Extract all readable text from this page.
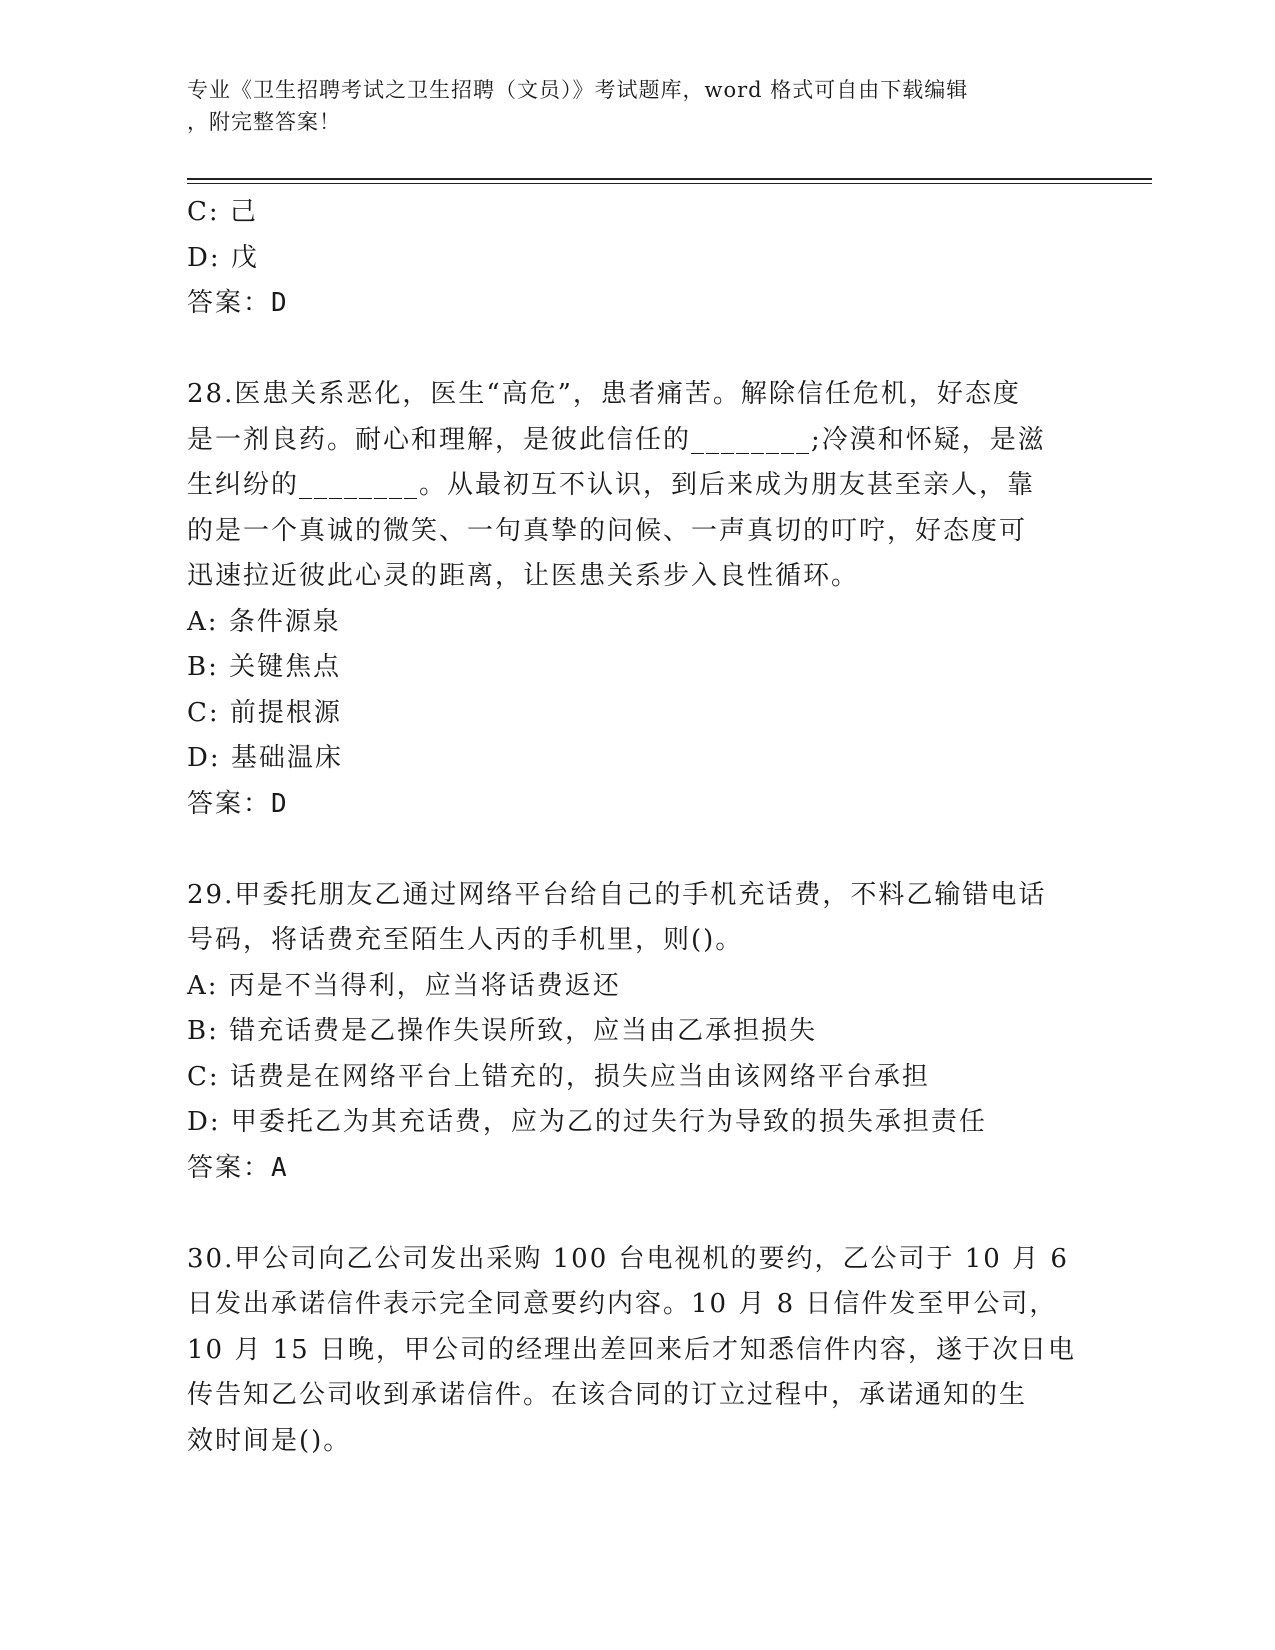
专业《卫生招聘考试之卫生招聘（文员）》考试题库，word 格式可自由下载编辑
，附完整答案！
C: 己
D: 戊
答案：D
28.医患关系恶化，医生“高危”，患者痛苦。解除信任危机，好态度
是一剂良药。耐心和理解，是彼此信任的________;冷漠和怀疑，是滋
生纠纷的________。从最初互不认识，到后来成为朋友甚至亲人，靠
的是一个真诚的微笑、一句真挚的问候、一声真切的叮咛，好态度可
迅速拉近彼此心灵的距离，让医患关系步入良性循环。
A: 条件源泉
B: 关键焦点
C: 前提根源
D: 基础温床
答案：D
29.甲委托朋友乙通过网络平台给自己的手机充话费，不料乙输错电话
号码，将话费充至陌生人丙的手机里，则()。
A: 丙是不当得利，应当将话费返还
B: 错充话费是乙操作失误所致，应当由乙承担损失
C: 话费是在网络平台上错充的，损失应当由该网络平台承担
D: 甲委托乙为其充话费，应为乙的过失行为导致的损失承担责任
答案：A
30.甲公司向乙公司发出采购 100 台电视机的要约，乙公司于 10 月 6
日发出承诺信件表示完全同意要约内容。10 月 8 日信件发至甲公司，
10 月 15 日晚，甲公司的经理出差回来后才知悉信件内容，遂于次日电
传告知乙公司收到承诺信件。在该合同的订立过程中，承诺通知的生
效时间是()。
